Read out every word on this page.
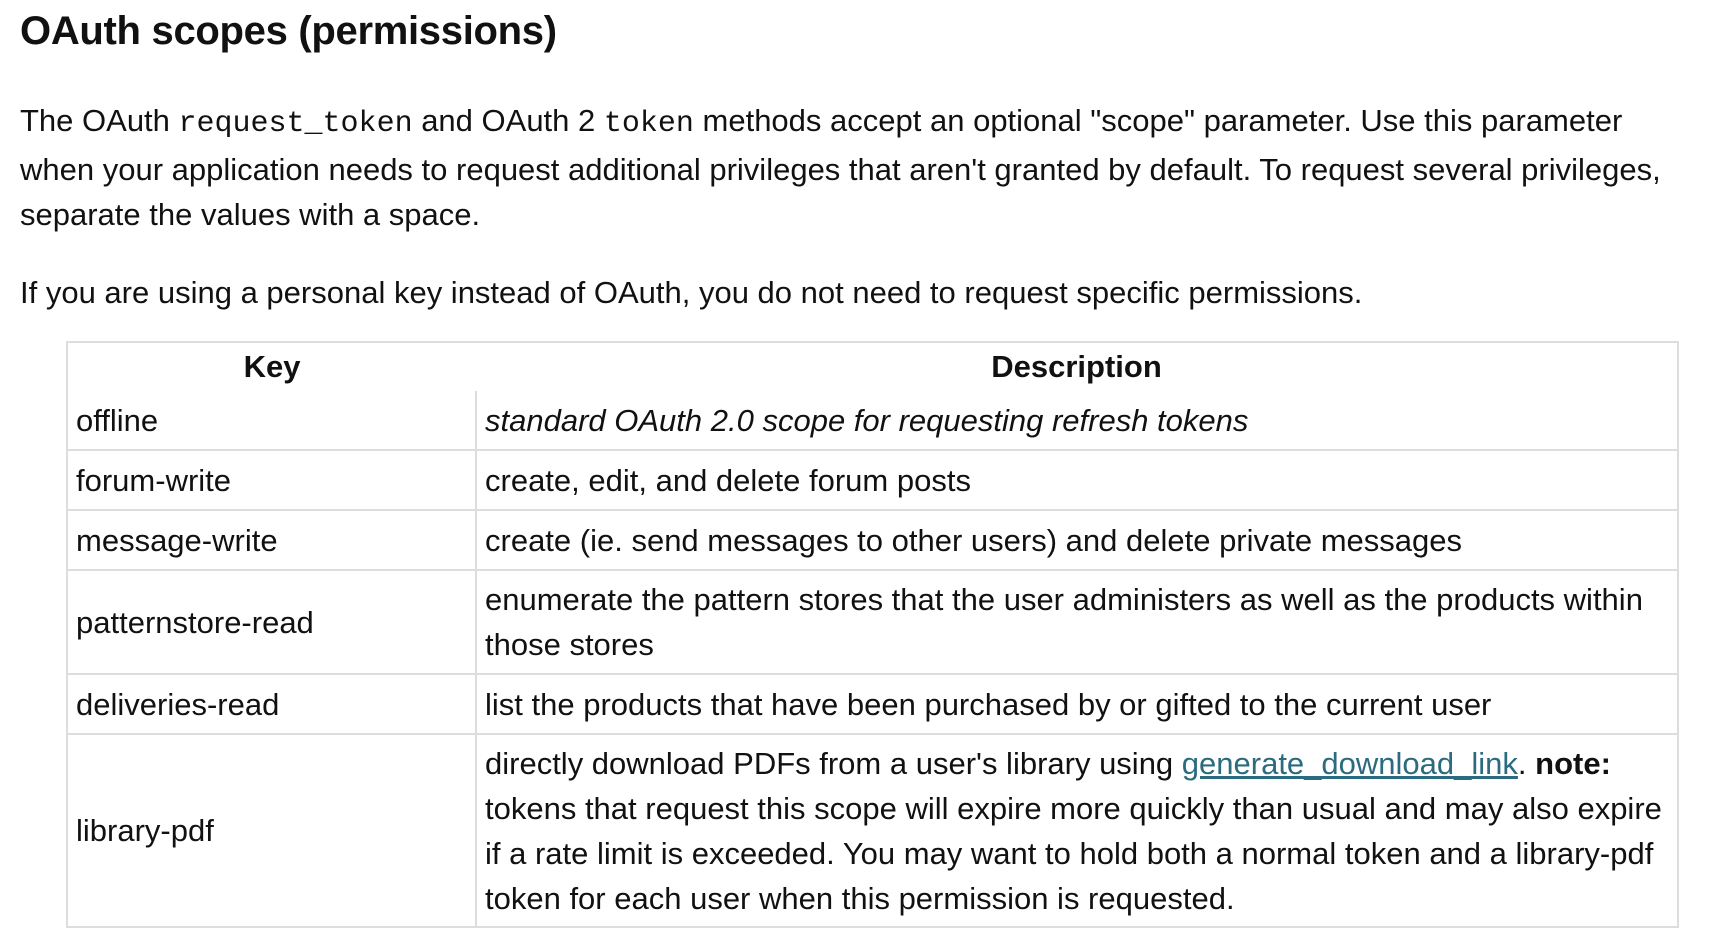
OAuth scopes (permissions)

The OAuth request_token and OAuth 2 token methods accept an optional "scope" parameter. Use this parameter when your application needs to request additional privileges that aren't granted by default. To request several privileges, separate the values with a space.

If you are using a personal key instead of OAuth, you do not need to request specific permissions.

Key	Description
offline	standard OAuth 2.0 scope for requesting refresh tokens
forum-write	create, edit, and delete forum posts
message-write	create (ie. send messages to other users) and delete private messages
patternstore-read	enumerate the pattern stores that the user administers as well as the products within those stores
deliveries-read	list the products that have been purchased by or gifted to the current user
library-pdf	directly download PDFs from a user's library using generate_download_link. note: tokens that request this scope will expire more quickly than usual and may also expire if a rate limit is exceeded. You may want to hold both a normal token and a library-pdf token for each user when this permission is requested.
